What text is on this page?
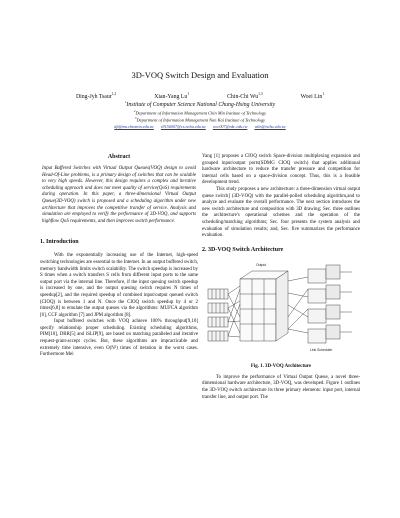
3D-VOQ Switch Design and Evaluation
Ding-Jyh Tsaur$^{1,2}$	Xian-Yang Lu$^1$	Chin-Chi Wu$^{1,3}$	Woei Lin$^1$
$^1$Institute of Computer Science National Chung-Hsing University
$^2$Department of Information Management Chin Min Institute of Technology
$^3$Department of Information Management Nan Kai Institute of Technology
djt@ms.chinmin.edu.tw s9156007@cs.nchu.edu.tw wcc007@nkc.edu.tw wlin@nchu.edu.tw
Abstract

Input Buffered Switches with Virtual Output Queues(VOQ) design to avoid Head-Of-Line problems, is a primary design of switches that can be scalable to very high speeds. However, this design requires a complex and iterative scheduling approach and does not meet quality of service(QoS) requirements during operation. In this paper, a three-dimensional Virtual Output Queue(3D-VOQ) switch is proposed and a scheduling algorithm under new architecture that improves the competitive transfer of service. Analysis and simulation are employed to verify the performance of 3D-VOQ, and supports highflow QoS requirements, and then improves switch performance.

1. Introduction

With the exponentially increasing use of the Internet, high-speed switching technologies are essential to the Internet. In an output buffered switch, memory bandwidth limits switch scalability. The switch speedup is increased by S times when a switch transfers S cells from different input ports to the same output port via the internal line. Therefore, if the input queuing switch speedup is increased by one, and the output queuing switch requires N times of speedup[2], and the required speedup of combined input/output queued switch (CIOQ) is between 1 and N. Once the CIOQ switch speedup by 4 or 2 times[6,8] to emulate the output queues via the algorithms: MUFCA algorithm [6], CCF algorithm [7] and JPM algorithm [8].

Input buffered switches with VOQ achieve 100% throughput[9,10] specify relationship proper scheduling. Existing scheduling algorithms, PIM[10], DRR[5] and iSLIP[9], are based on matching paralleled and iterative request-grant-accept cycles. But, these algorithms are impracticable and extremely time intensive, even O(N²) times of iteration in the worst cases. Furthermore Mei

Yang [1] proposes a CIOQ switch Space-division multiplexing expansion and grouped input/output ports(SDMG CIOQ switch) that applies additional hardware architecture to reduce the transfer pressure and competition for internal cells based on a space-division concept. Thus, this is a feasible development trend.

This study proposes a new architecture: a three-dimension virtual output queue switch] (3D-VOQ) with the parallel-polled scheduling algorithm,and to analyze and evaluate the overall performance. The next section introduces the new switch architecture and composition with 3D drawing; Sec. three outlines the architecture's operational schemes and the operation of the scheduling/matching algorithms; Sec. four presents the system analysis and evaluation of simulation results; and, Sec. five summarizes the performance evaluation.

2. 3D-VOQ Switch Architecture
Output
Link Scheduler
Fig. 1. 3D-VOQ Architecture

To improve the performance of Virtual Output Queue, a novel three-dimensional hardware architecture, 3D-VOQ, was developed. Figure 1 outlines the 3D-VOQ switch architecture its three primary elements: input port, internal transfer line, and output port. The
